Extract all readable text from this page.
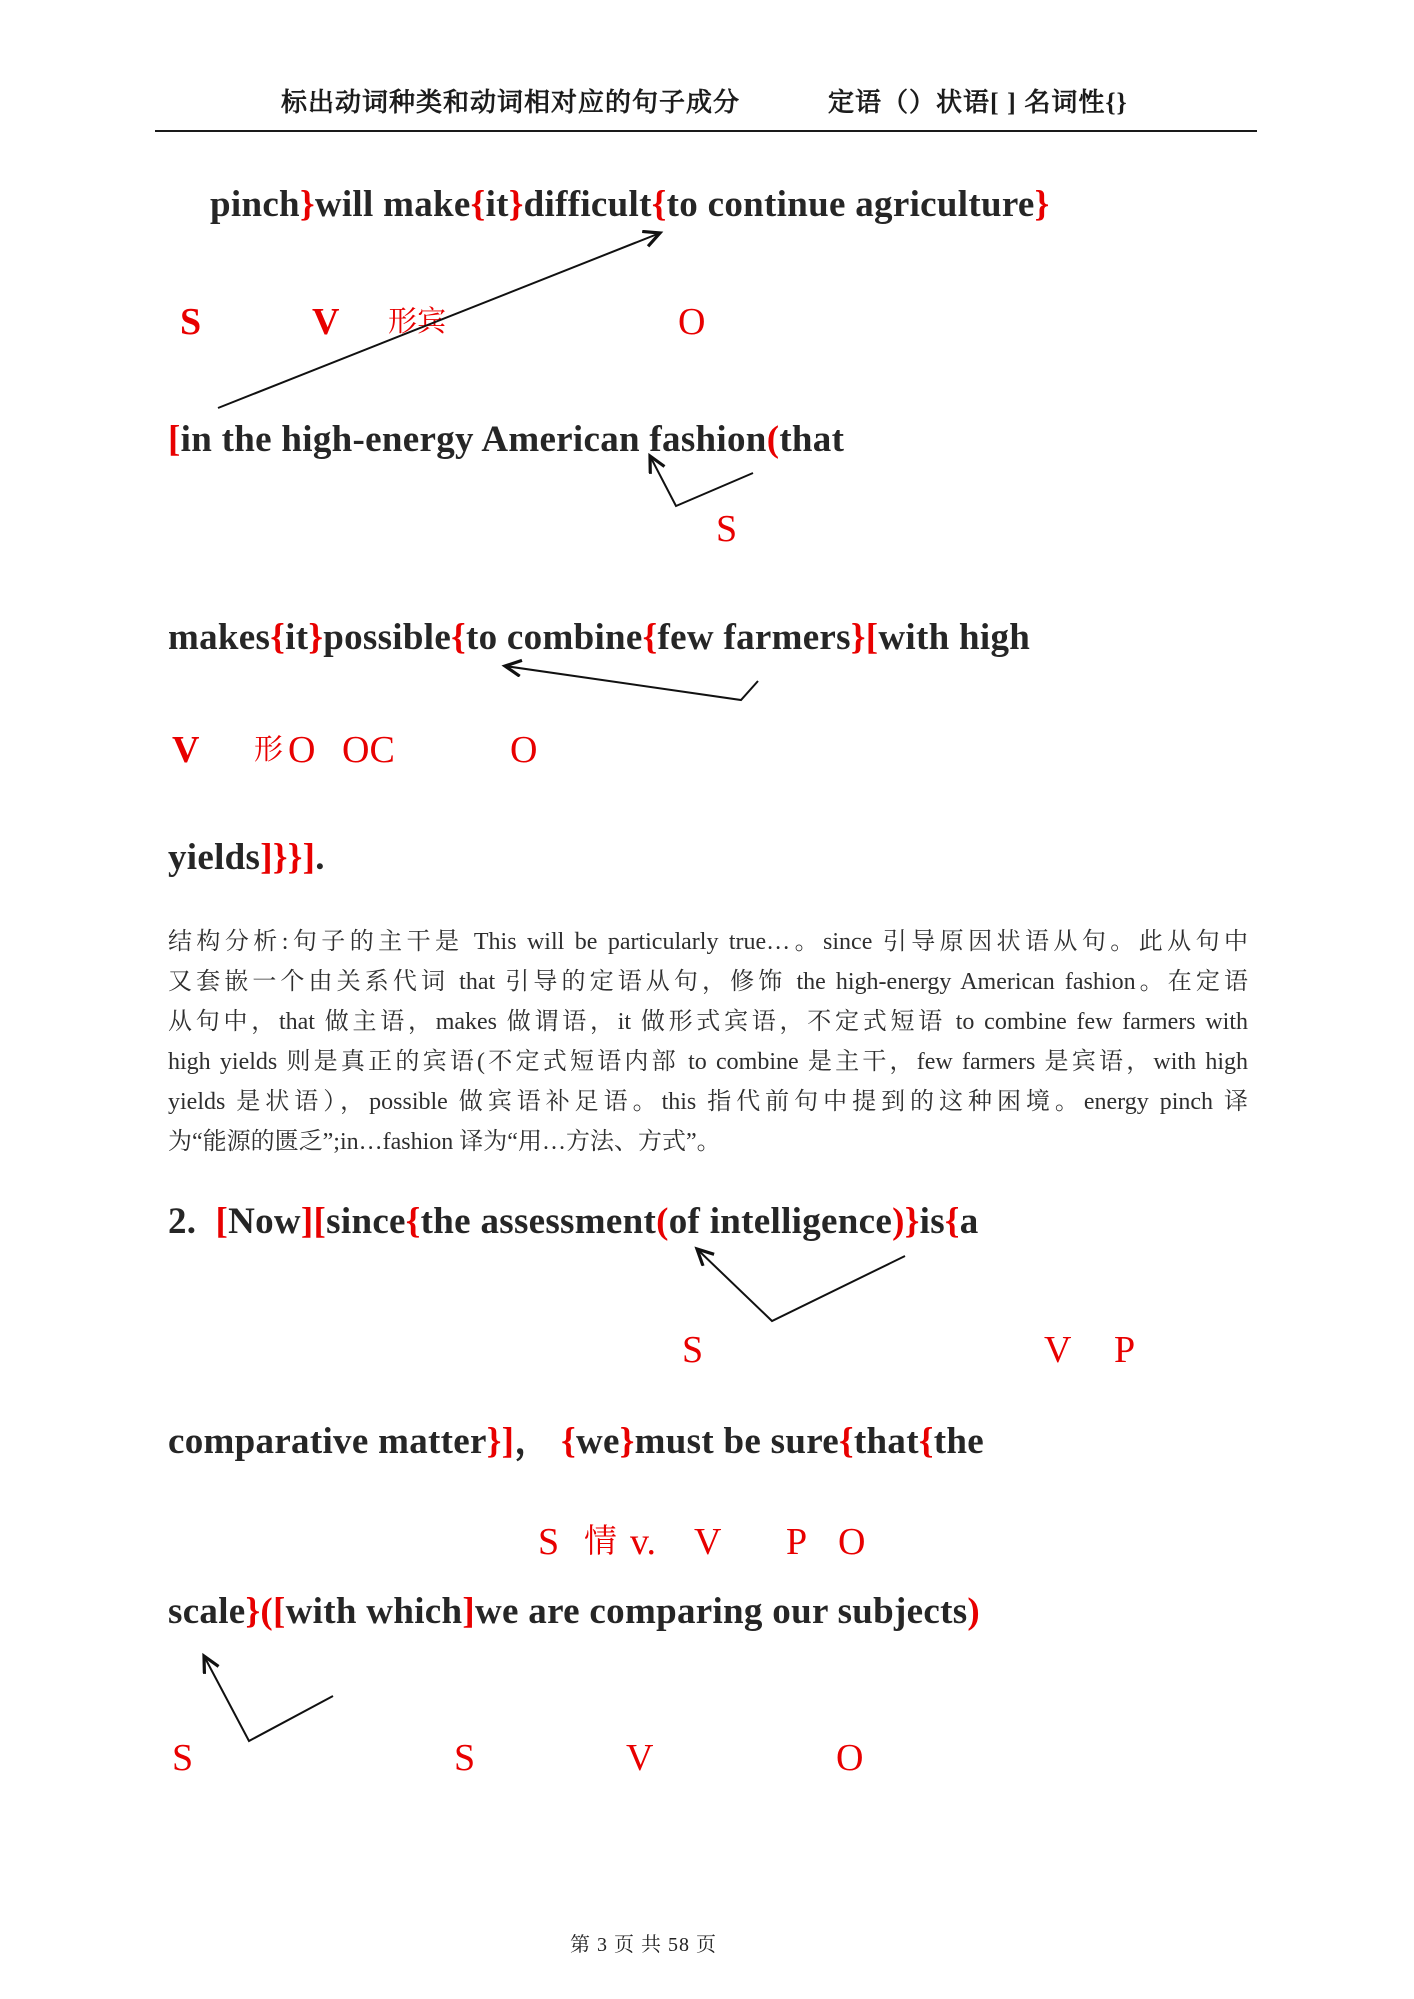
标出动词种类和动词相对应的句子成分	定语（）状语[ ] 名词性{}
pinch}will make{it}difficult{to continue agriculture}
S	V 形宾	O
[in the high-energy American fashion(that
S
makes{it}possible{to combine{few farmers}[with high
V 形 O OC	O
yields]}}].
结构分析:句子的主干是 This will be particularly true…。since 引导原因状语从句。此从句中
又套嵌一个由关系代词 that 引导的定语从句，修饰 the high-energy American fashion。在定语
从句中，that 做主语，makes 做谓语，it 做形式宾语，不定式短语 to combine few farmers with
high yields 则是真正的宾语(不定式短语内部 to combine 是主干，few farmers 是宾语，with high
yields 是状语），possible 做宾语补足语。this 指代前句中提到的这种困境。energy pinch 译
为“能源的匮乏”;in…fashion 译为“用…方法、方式”。
2.  [Now][since{the assessment(of intelligence)}is{a
S	V P
comparative matter}]， {we}must be sure{that{the
S 情 v. V P O
scale}([with which]we are comparing our subjects)
S	S	V	O
第 3 页 共 58 页
